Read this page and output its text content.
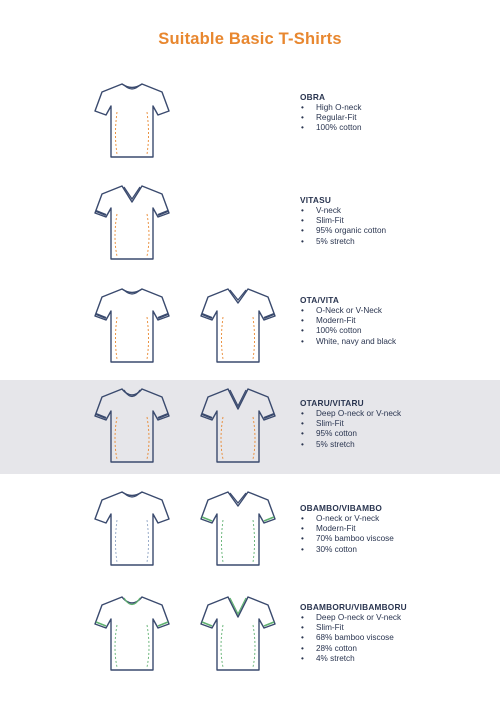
Suitable Basic T-Shirts
OBRA
• High O-neck
• Regular-Fit
• 100% cotton
VITASU
• V-neck
• Slim-Fit
• 95% organic cotton
• 5% stretch
OTA/VITA
• O-Neck or V-Neck
• Modern-Fit
• 100% cotton
• White, navy and black
OTARU/VITARU
• Deep O-neck or V-neck
• Slim-Fit
• 95% cotton
• 5% stretch
OBAMBO/VIBAMBO
• O-neck or V-neck
• Modern-Fit
• 70% bamboo viscose
• 30% cotton
OBAMBORU/VIBAMBORU
• Deep O-neck or V-neck
• Slim-Fit
• 68% bamboo viscose
• 28% cotton
• 4% stretch
